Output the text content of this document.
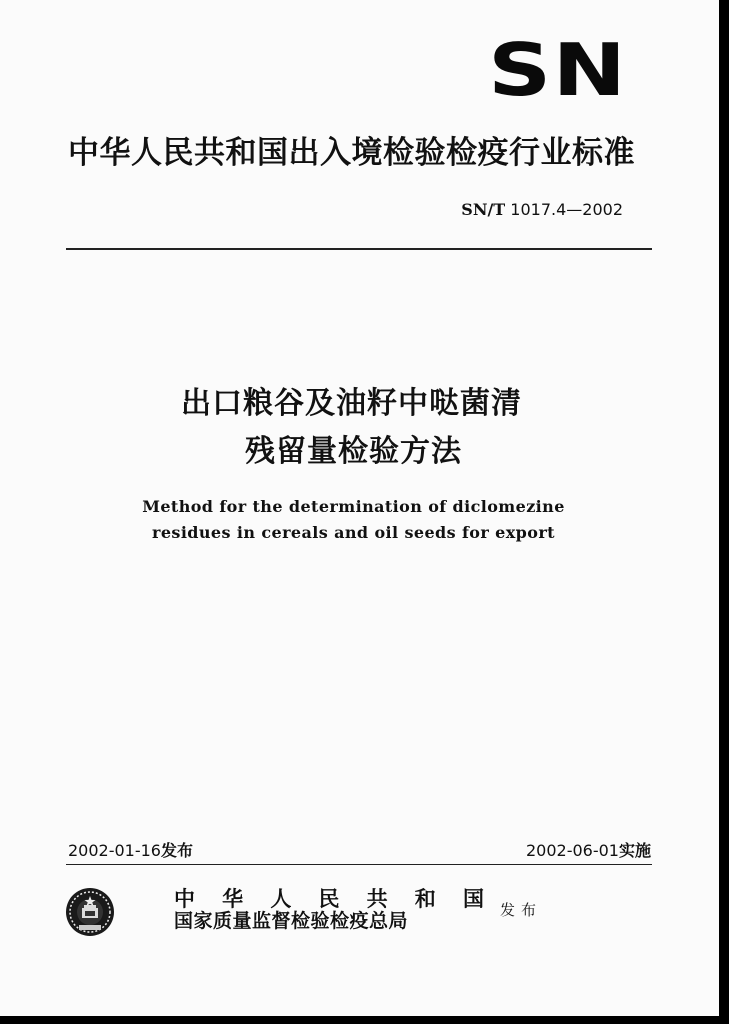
SN
中华人民共和国出入境检验检疫行业标准
SN/T 1017.4—2002
出口粮谷及油籽中哒菌清
残留量检验方法
Method for the determination of diclomezine
residues in cereals and oil seeds for export
2002-01-16发布	2002-06-01实施
中 华 人 民 共 和 国
国家质量监督检验检疫总局	发布
